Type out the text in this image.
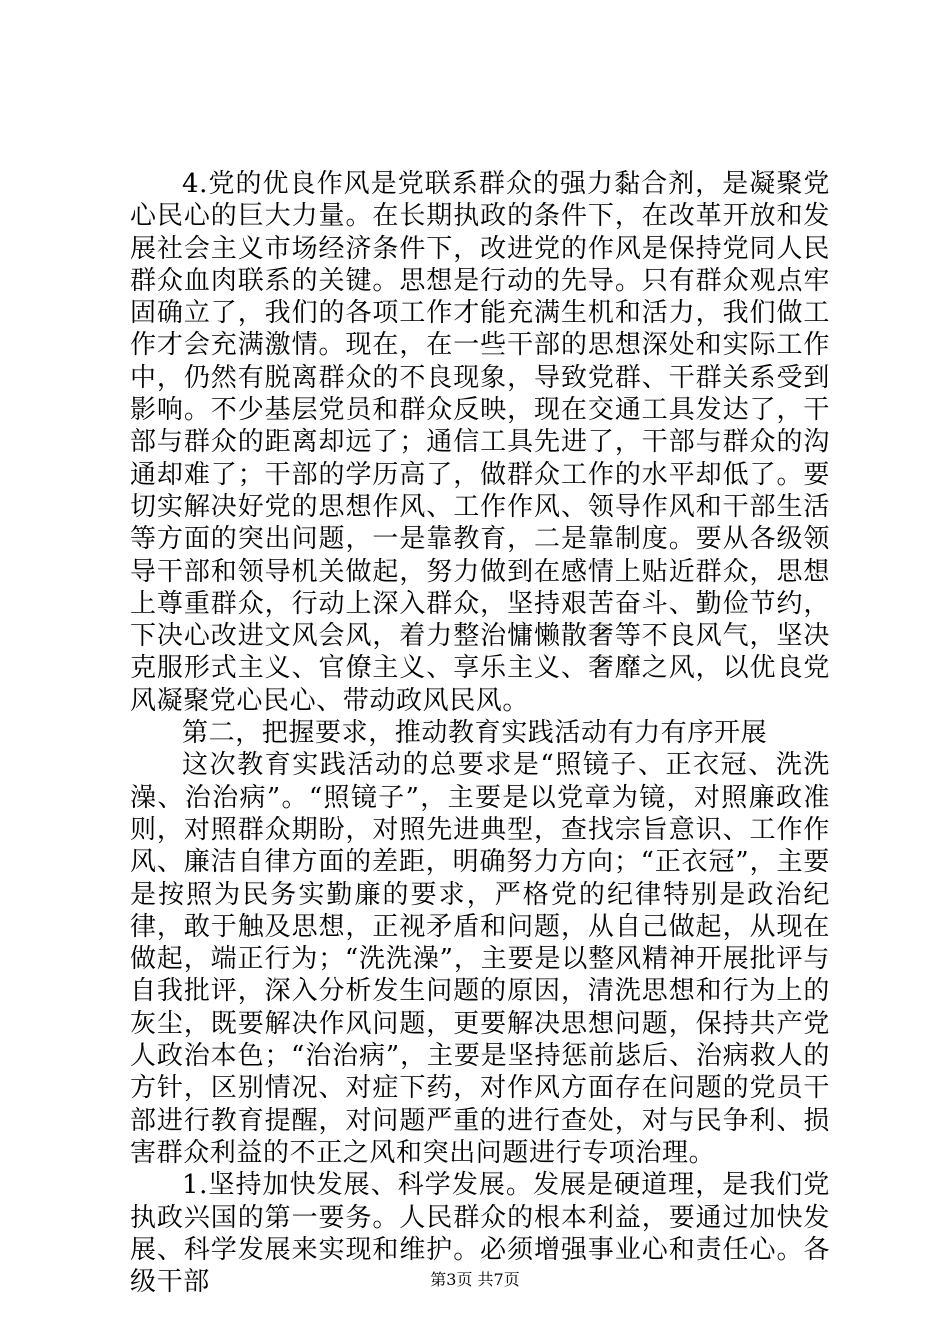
4.党的优良作风是党联系群众的强力黏合剂，是凝聚党心民心的巨大力量。在长期执政的条件下，在改革开放和发展社会主义市场经济条件下，改进党的作风是保持党同人民群众血肉联系的关键。思想是行动的先导。只有群众观点牢固确立了，我们的各项工作才能充满生机和活力，我们做工作才会充满激情。现在，在一些干部的思想深处和实际工作中，仍然有脱离群众的不良现象，导致党群、干群关系受到影响。不少基层党员和群众反映，现在交通工具发达了，干部与群众的距离却远了；通信工具先进了，干部与群众的沟通却难了；干部的学历高了，做群众工作的水平却低了。要切实解决好党的思想作风、工作作风、领导作风和干部生活等方面的突出问题，一是靠教育，二是靠制度。要从各级领导干部和领导机关做起，努力做到在感情上贴近群众，思想上尊重群众，行动上深入群众，坚持艰苦奋斗、勤俭节约，下决心改进文风会风，着力整治慵懒散奢等不良风气，坚决克服形式主义、官僚主义、享乐主义、奢靡之风，以优良党风凝聚党心民心、带动政风民风。

第二，把握要求，推动教育实践活动有力有序开展

这次教育实践活动的总要求是“照镜子、正衣冠、洗洗澡、治治病”。“照镜子”，主要是以党章为镜，对照廉政准则，对照群众期盼，对照先进典型，查找宗旨意识、工作作风、廉洁自律方面的差距，明确努力方向；“正衣冠”，主要是按照为民务实勤廉的要求，严格党的纪律特别是政治纪律，敢于触及思想，正视矛盾和问题，从自己做起，从现在做起，端正行为；“洗洗澡”，主要是以整风精神开展批评与自我批评，深入分析发生问题的原因，清洗思想和行为上的灰尘，既要解决作风问题，更要解决思想问题，保持共产党人政治本色；“治治病”，主要是坚持惩前毖后、治病救人的方针，区别情况、对症下药，对作风方面存在问题的党员干部进行教育提醒，对问题严重的进行查处，对与民争利、损害群众利益的不正之风和突出问题进行专项治理。

1.坚持加快发展、科学发展。发展是硬道理，是我们党执政兴国的第一要务。人民群众的根本利益，要通过加快发展、科学发展来实现和维护。必须增强事业心和责任心。各级干部	第3页 共7页
